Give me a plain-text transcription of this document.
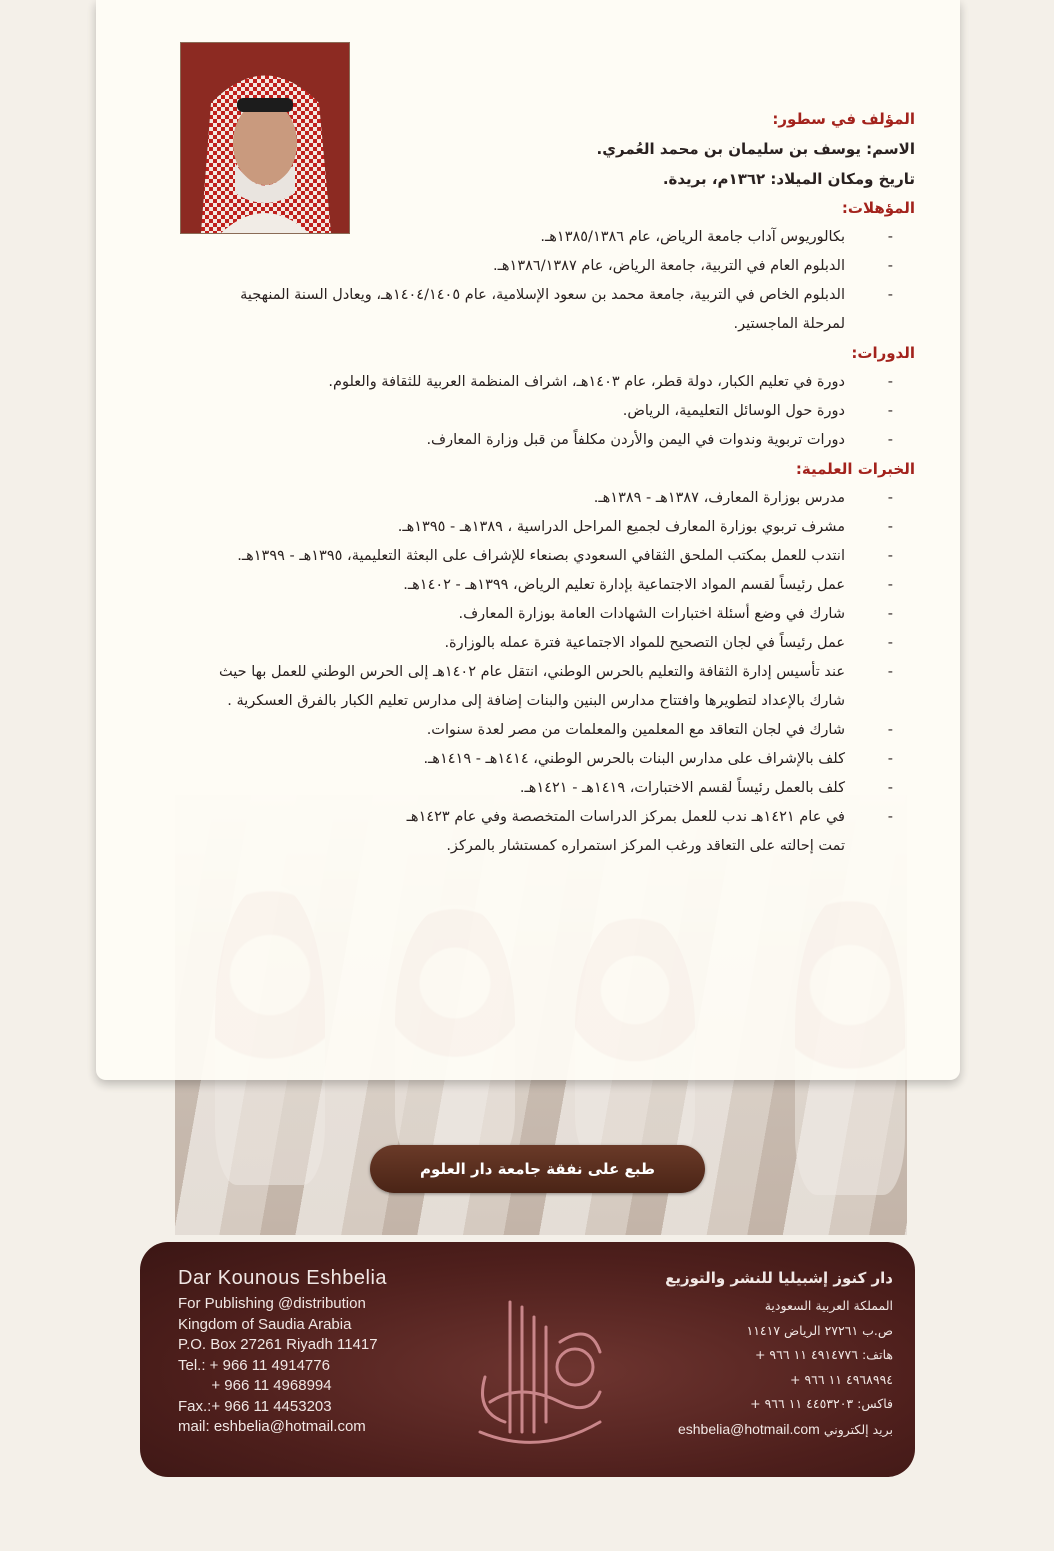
المؤلف في سطور:
الاسم: يوسف بن سليمان بن محمد العُمري.
تاريخ ومكان الميلاد: ١٣٦٢م، بريدة.
المؤهلات:
- بكالوريوس آداب جامعة الرياض، عام ١٣٨٥/١٣٨٦هـ.
- الدبلوم العام في التربية، جامعة الرياض، عام ١٣٨٦/١٣٨٧هـ.
- الدبلوم الخاص في التربية، جامعة محمد بن سعود الإسلامية، عام ١٤٠٤/١٤٠٥هـ، ويعادل السنة المنهجية لمرحلة الماجستير.
الدورات:
- دورة في تعليم الكبار، دولة قطر، عام ١٤٠٣هـ، اشراف المنظمة العربية للثقافة والعلوم.
- دورة حول الوسائل التعليمية، الرياض.
- دورات تربوية وندوات في اليمن والأردن مكلفاً من قبل وزارة المعارف.
الخبرات العلمية:
- مدرس بوزارة المعارف، ١٣٨٧هـ - ١٣٨٩هـ.
- مشرف تربوي بوزارة المعارف لجميع المراحل الدراسية ، ١٣٨٩هـ - ١٣٩٥هـ.
- انتدب للعمل بمكتب الملحق الثقافي السعودي بصنعاء للإشراف على البعثة التعليمية، ١٣٩٥هـ - ١٣٩٩هـ.
- عمل رئيساً لقسم المواد الاجتماعية بإدارة تعليم الرياض، ١٣٩٩هـ - ١٤٠٢هـ.
- شارك في وضع أسئلة اختبارات الشهادات العامة بوزارة المعارف.
- عمل رئيساً في لجان التصحيح للمواد الاجتماعية فترة عمله بالوزارة.
- عند تأسيس إدارة الثقافة والتعليم بالحرس الوطني، انتقل عام ١٤٠٢هـ إلى الحرس الوطني للعمل بها حيث شارك بالإعداد لتطويرها وافتتاح مدارس البنين والبنات إضافة إلى مدارس تعليم الكبار بالفرق العسكرية .
- شارك في لجان التعاقد مع المعلمين والمعلمات من مصر لعدة سنوات.
- كلف بالإشراف على مدارس البنات بالحرس الوطني، ١٤١٤هـ - ١٤١٩هـ.
- كلف بالعمل رئيساً لقسم الاختبارات، ١٤١٩هـ - ١٤٢١هـ.
- في عام ١٤٢١هـ ندب للعمل بمركز الدراسات المتخصصة وفي عام ١٤٢٣هـ
تمت إحالته على التعاقد ورغب المركز استمراره كمستشار بالمركز.
طبع على نفقة جامعة دار العلوم
Dar Kounous Eshbelia
For Publishing @distribution
Kingdom of Saudia Arabia
P.O. Box 27261 Riyadh 11417
Tel.: + 966 11 4914776
+ 966 11 4968994
Fax.:+ 966 11 4453203
mail: eshbelia@hotmail.com
دار كنوز إشبيليا للنشر والتوزيع
المملكة العربية السعودية
ص.ب ٢٧٢٦١ الرياض ١١٤١٧
هاتف: ٤٩١٤٧٧٦ ١١ ٩٦٦ +
٤٩٦٨٩٩٤ ١١ ٩٦٦ +
فاكس: ٤٤٥٣٢٠٣ ١١ ٩٦٦ +
بريد إلكتروني eshbelia@hotmail.com
